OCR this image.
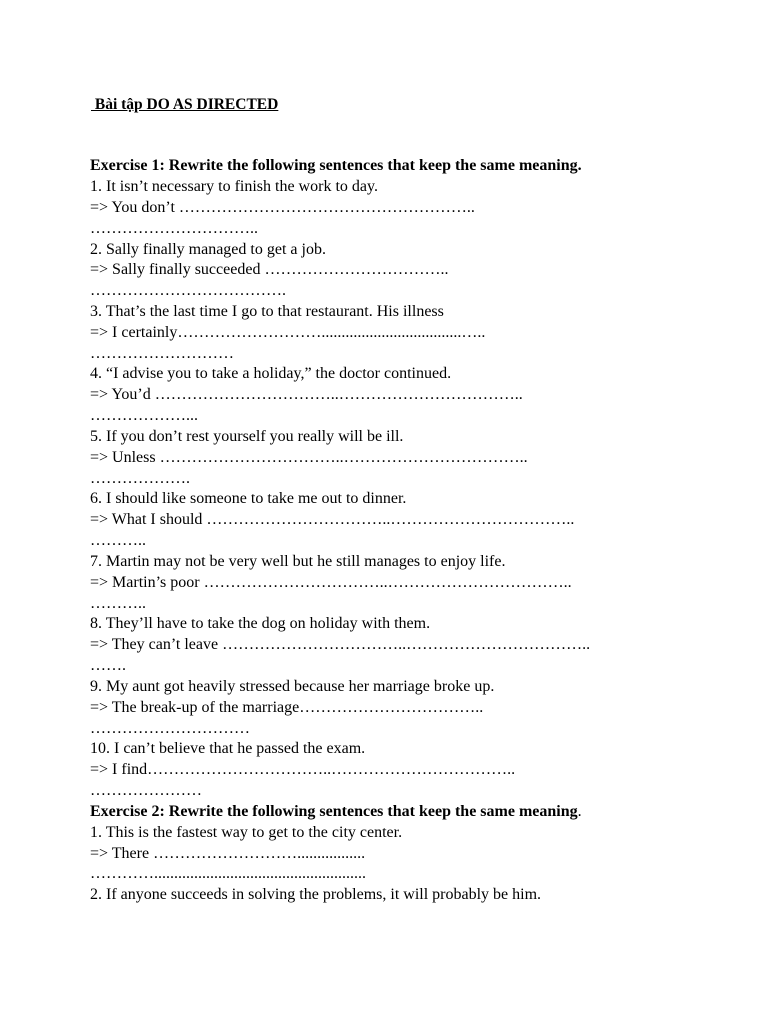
Bài tập DO AS DIRECTED
Exercise 1: Rewrite the following sentences that keep the same meaning.
1. It isn’t necessary to finish the work to day.
=> You don’t ………………………………………………..
…………………………..
2. Sally finally managed to get a job.
=> Sally finally succeeded ……………………………..
……………………………….
3. That’s the last time I go to that restaurant. His illness
=> I certainly………………………...................................…..
………………………
4. “I advise you to take a holiday,” the doctor continued.
=> You’d ……………………………..……………………………..
………………...
5. If you don’t rest yourself you really will be ill.
=> Unless ……………………………..……………………………..
……………….
6. I should like someone to take me out to dinner.
=> What I should ……………………………..……………………………..
………..
7. Martin may not be very well but he still manages to enjoy life.
=> Martin’s poor ……………………………..……………………………..
………..
8. They’ll have to take the dog on holiday with them.
=> They can’t leave ……………………………..……………………………..
…….
9. My aunt got heavily stressed because her marriage broke up.
=> The break-up of the marriage……………………………..
…………………………
10. I can’t believe that he passed the exam.
=> I find……………………………..……………………………..
…………………
Exercise 2: Rewrite the following sentences that keep the same meaning.
1. This is the fastest way to get to the city center.
=> There ……………………….................
………….....................................................
2. If anyone succeeds in solving the problems, it will probably be him.
